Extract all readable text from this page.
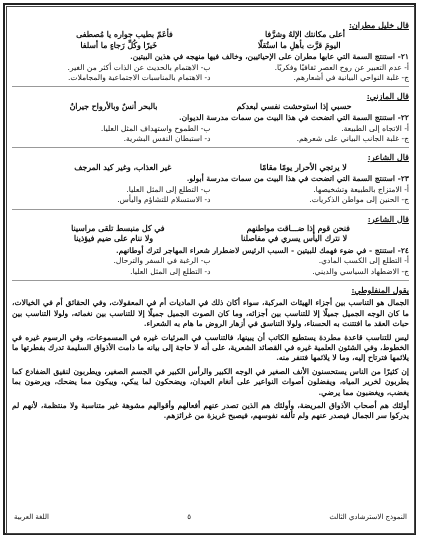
قال خليل مطران:
أعلى مكانتك الإلهُ وشرَّفا
فأعَمّ بطيب جواره يا مُصطفى
اليومَ قرَّت بأهلِ ما استُقلّا
خَيرًا وكُلِّ رَجاءٍ ما أسلفا
٢١- استنتج السمة التي عابها مطران على الإحيائيين، وخالف فيها منهجه في هذين البيتين.
أ- عدم التعبير عن روح العصر ثقافيًا وفكريًا.
ب- الاهتمام بالحديث عن الذات أكثر من الغير.
ج- غلبة النواحي البيانية في أشعارهم.
د- الاهتمام بالمناسبات الاجتماعية والمجاملات.
قال المازني:
حسبي إذا استوحشت نفسي لبعدكم
بالبحر أنسٌ وبالأرواح جيرانُ
٢٢- استنتج السمة التي اتضحت في هذا البيت من سمات مدرسة الديوان.
أ- الاتجاه إلى الطبيعة.
ب- الطموح واستهداف المثل العليا.
ج- غلبة الجانب البياني على شعرهم.
د- استبطان النفس البشرية.
قال الشاعر:
لا يرتجي الأحرار يومًا مقامًا
غير العذاب، وغير كيد المرجف
٢٣- استنتج السمة التي اتضحت في هذا البيت من سمات مدرسة أبولو.
أ- الامتزاج بالطبيعة وتشخيصها.
ب- التطلع إلى المثل العليا.
ج- الحنين إلى مواطن الذكريات.
د- الاستسلام للتشاؤم واليأس.
قال الشاعر:
فنحن قوم إذا ضـــاقت مواطنهم
في كل منبسط تلقى مراسينا
لا نترك اليأس يسري في مفاصلنا
ولا ننام على ضيم فيؤذينا
٢٤- استنتج - في ضوء فهمك للبيتين - السبب الرئيس لاضطرار شعراء المهاجر لترك أوطانهم.
أ- التطلع إلى الكسب المادي.
ب- الرغبة في السفر والترحال.
ج- الاضطهاد السياسي والديني.
د- التطلع إلى المثل العليا.
يقول المنفلوطي:
الجمال هو التناسب بين أجزاء الهيئات المركبة، سواء أكان ذلك في الماديات أم في المعقولات، وفي الحقائق أم في الخيالات، ما كان الوجه الجميل جميلًا إلا للتناسب بين أجزائه، وما كان الصوت الجميل جميلًا إلا للتناسب بين نغماته، ولولا التناسب بين حبات العقد ما افتتنت به الحسناء، ولولا التناسق في أزهار الروض ما هام به الشعراء.
ليس للتناسب قاعدة مطردة يستطيع الكاتب أن يبينها، فالتناسب في المرئيات غيره في المسموعات، وفي الرسوم غيره في الخطوط، وفي الشئون العلمية غيره في القصائد الشعرية، على أنه لا حاجة إلى بيانه ما دامت الأذواق السليمة تدرك بفطرتها ما يلائمها فترتاح إليه، وما لا يلائمها فتنفر منه.
إن كثيرًا من الناس يستحسنون الأنف الصغير في الوجه الكبير والرأس الكبير في الجسم الصغير، ويطربون لنقيق الضفادع كما يطربون لخرير المياه، ويفضلون أصوات النواعير على أنغام العيدان، ويضحكون لما يبكي، ويبكون مما يضحك، ويرضون بما يغضب، ويغضبون مما يرضي.
أولئك هم أصحاب الأذواق المريضة، وأولئك هم الذين تصدر عنهم أفعالهم وأقوالهم مشوهة غير متناسبة ولا منتظمة، لأنهم لم يدركوا سر الجمال فيصدر عنهم ولم تألفه نفوسهم، فيصبح غريزة من غرائزهم.
النموذج الاسترشادي الثالث
٥
اللغة العربية
